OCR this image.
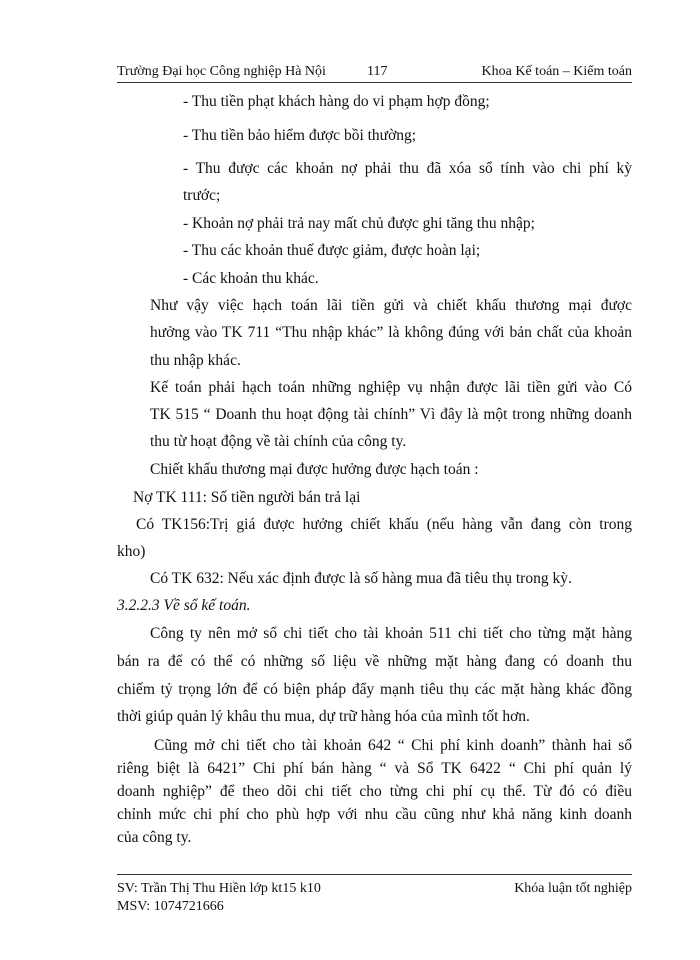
Trường Đại học Công nghiệp Hà Nội	117	Khoa Kế toán – Kiểm toán
- Thu tiền phạt khách hàng do vi phạm hợp đồng;
- Thu tiền bảo hiểm được bồi thường;
- Thu được các khoản nợ phải thu đã xóa sổ tính vào chi phí kỳ
trước;
- Khoản nợ phải trả nay mất chủ được ghi tăng thu nhập;
- Thu các khoản thuế được giảm, được hoàn lại;
- Các khoản thu khác.
Như vậy việc hạch toán lãi tiền gửi và chiết khấu thương mại được
hưởng vào TK 711 “Thu nhập khác” là không đúng với bản chất của khoản
thu nhập khác.
Kế toán phải hạch toán những nghiệp vụ nhận được lãi tiền gửi vào Có
TK 515 “ Doanh thu hoạt động tài chính” Vì đây là một trong những doanh
thu từ hoạt động về tài chính của công ty.
Chiết khấu thương mại được hưởng được hạch toán :
Nợ TK 111: Số tiền người bán trả lại
Có TK156:Trị giá được hưởng chiết khấu (nếu hàng vẫn đang còn trong
kho)
Có TK 632: Nếu xác định được là số hàng mua đã tiêu thụ trong kỳ.
Công ty nên mở sổ chi tiết cho tài khoản 511 chi tiết cho từng mặt hàng
bán ra để có thể có những số liệu về những mặt hàng đang có doanh thu
chiếm tỷ trọng lớn để có biện pháp đẩy mạnh tiêu thụ các mặt hàng khác đồng
thời giúp quản lý khâu thu mua, dự trữ hàng hóa của mình tốt hơn.
Cũng mở chi tiết cho tài khoản 642 “ Chi phí kinh doanh” thành hai sổ
riêng biệt là 6421” Chi phí bán hàng “ và Sổ TK 6422 “ Chi phí quản lý
doanh nghiệp” để theo dõi chi tiết cho từng chi phí cụ thể. Từ đó có điều
chỉnh mức chi phí cho phù hợp với nhu cầu cũng như khả năng kinh doanh
của công ty.
3.2.2.3 Về sổ kế toán.
SV: Trần Thị Thu Hiền lớp kt15 k10
MSV: 1074721666
Khóa luận tốt nghiệp
